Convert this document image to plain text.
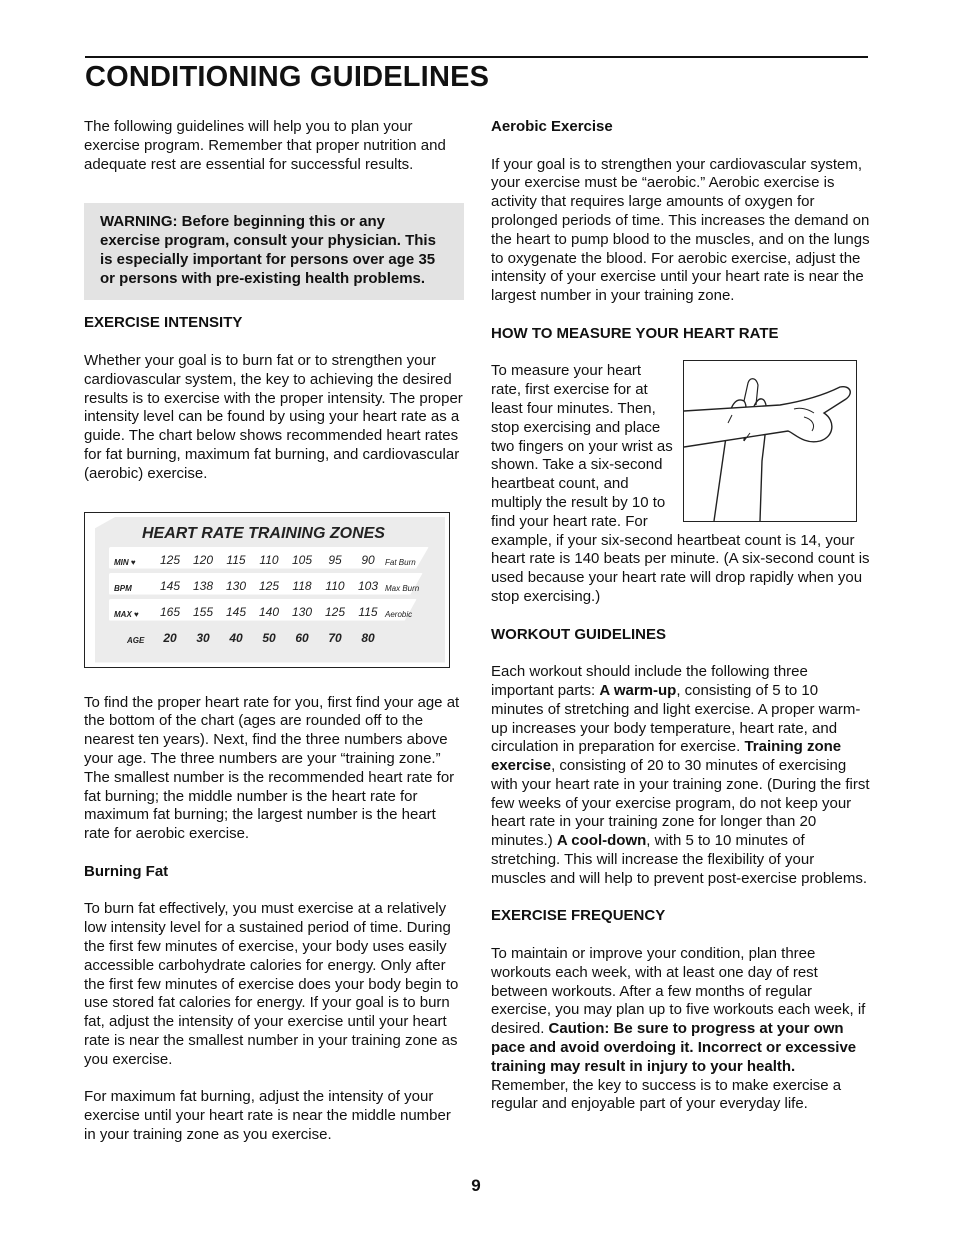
CONDITIONING GUIDELINES

The following guidelines will help you to plan your exercise program. Remember that proper nutrition and adequate rest are essential for successful results.

WARNING: Before beginning this or any exercise program, consult your physician. This is especially important for persons over age 35 or persons with pre-existing health problems.

EXERCISE INTENSITY

Whether your goal is to burn fat or to strengthen your cardiovascular system, the key to achieving the desired results is to exercise with the proper intensity. The proper intensity level can be found by using your heart rate as a guide. The chart below shows recommended heart rates for fat burning, maximum fat burning, and cardiovascular (aerobic) exercise.

HEART RATE TRAINING ZONES
MIN ♥	125	120	115	110	105	95	90	Fat Burn
BPM	145	138	130	125	118	110	103 Max Burn
MAX ♥	165	155	145	140	130	125	115 Aerobic
AGE	20	30	40	50	60	70	80

To find the proper heart rate for you, first find your age at the bottom of the chart (ages are rounded off to the nearest ten years). Next, find the three numbers above your age. The three numbers are your “training zone.” The smallest number is the recommended heart rate for fat burning; the middle number is the heart rate for maximum fat burning; the largest number is the heart rate for aerobic exercise.

Burning Fat

To burn fat effectively, you must exercise at a relatively low intensity level for a sustained period of time. During the first few minutes of exercise, your body uses easily accessible carbohydrate calories for energy. Only after the first few minutes of exercise does your body begin to use stored fat calories for energy. If your goal is to burn fat, adjust the intensity of your exercise until your heart rate is near the smallest number in your training zone as you exercise.

For maximum fat burning, adjust the intensity of your exercise until your heart rate is near the middle number in your training zone as you exercise.

Aerobic Exercise

If your goal is to strengthen your cardiovascular system, your exercise must be “aerobic.” Aerobic exercise is activity that requires large amounts of oxygen for prolonged periods of time. This increases the demand on the heart to pump blood to the muscles, and on the lungs to oxygenate the blood. For aerobic exercise, adjust the intensity of your exercise until your heart rate is near the largest number in your training zone.

HOW TO MEASURE YOUR HEART RATE

To measure your heart rate, first exercise for at least four minutes. Then, stop exercising and place two fingers on your wrist as shown. Take a six-second heartbeat count, and multiply the result by 10 to find your heart rate. For example, if your six-second heartbeat count is 14, your heart rate is 140 beats per minute. (A six-second count is used because your heart rate will drop rapidly when you stop exercising.)

WORKOUT GUIDELINES

Each workout should include the following three important parts: A warm-up, consisting of 5 to 10 minutes of stretching and light exercise. A proper warm-up increases your body temperature, heart rate, and circulation in preparation for exercise. Training zone exercise, consisting of 20 to 30 minutes of exercising with your heart rate in your training zone. (During the first few weeks of your exercise program, do not keep your heart rate in your training zone for longer than 20 minutes.) A cool-down, with 5 to 10 minutes of stretching. This will increase the flexibility of your muscles and will help to prevent post-exercise problems.

EXERCISE FREQUENCY

To maintain or improve your condition, plan three workouts each week, with at least one day of rest between workouts. After a few months of regular exercise, you may plan up to five workouts each week, if desired. Caution: Be sure to progress at your own pace and avoid overdoing it. Incorrect or excessive training may result in injury to your health. Remember, the key to success is to make exercise a regular and enjoyable part of your everyday life.

9
